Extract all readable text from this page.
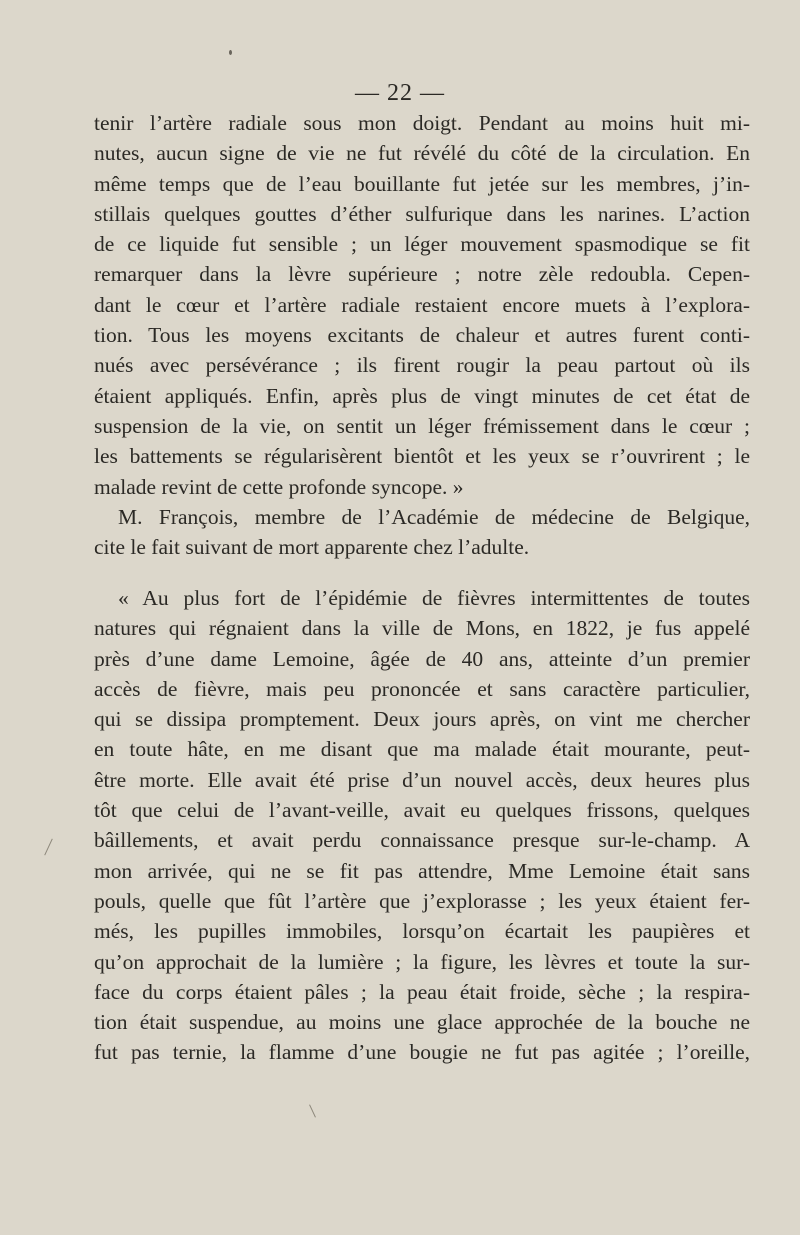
— 22 —
tenir l’artère radiale sous mon doigt. Pendant au moins huit mi-
nutes, aucun signe de vie ne fut révélé du côté de la circulation. En
même temps que de l’eau bouillante fut jetée sur les membres, j’in-
stillais quelques gouttes d’éther sulfurique dans les narines. L’action
de ce liquide fut sensible ; un léger mouvement spasmodique se fit
remarquer dans la lèvre supérieure ; notre zèle redoubla. Cepen-
dant le cœur et l’artère radiale restaient encore muets à l’explora-
tion. Tous les moyens excitants de chaleur et autres furent conti-
nués avec persévérance ; ils firent rougir la peau partout où ils
étaient appliqués. Enfin, après plus de vingt minutes de cet état de
suspension de la vie, on sentit un léger frémissement dans le cœur ;
les battements se régularisèrent bientôt et les yeux se r’ouvrirent ; le
malade revint de cette profonde syncope. »
M. François, membre de l’Académie de médecine de Belgique,
cite le fait suivant de mort apparente chez l’adulte.
« Au plus fort de l’épidémie de fièvres intermittentes de toutes
natures qui régnaient dans la ville de Mons, en 1822, je fus appelé
près d’une dame Lemoine, âgée de 40 ans, atteinte d’un premier
accès de fièvre, mais peu prononcée et sans caractère particulier,
qui se dissipa promptement. Deux jours après, on vint me chercher
en toute hâte, en me disant que ma malade était mourante, peut-
être morte. Elle avait été prise d’un nouvel accès, deux heures plus
tôt que celui de l’avant-veille, avait eu quelques frissons, quelques
bâillements, et avait perdu connaissance presque sur-le-champ. A
mon arrivée, qui ne se fit pas attendre, Mme Lemoine était sans
pouls, quelle que fût l’artère que j’explorasse ; les yeux étaient fer-
més, les pupilles immobiles, lorsqu’on écartait les paupières et
qu’on approchait de la lumière ; la figure, les lèvres et toute la sur-
face du corps étaient pâles ; la peau était froide, sèche ; la respira-
tion était suspendue, au moins une glace approchée de la bouche ne
fut pas ternie, la flamme d’une bougie ne fut pas agitée ; l’oreille,
